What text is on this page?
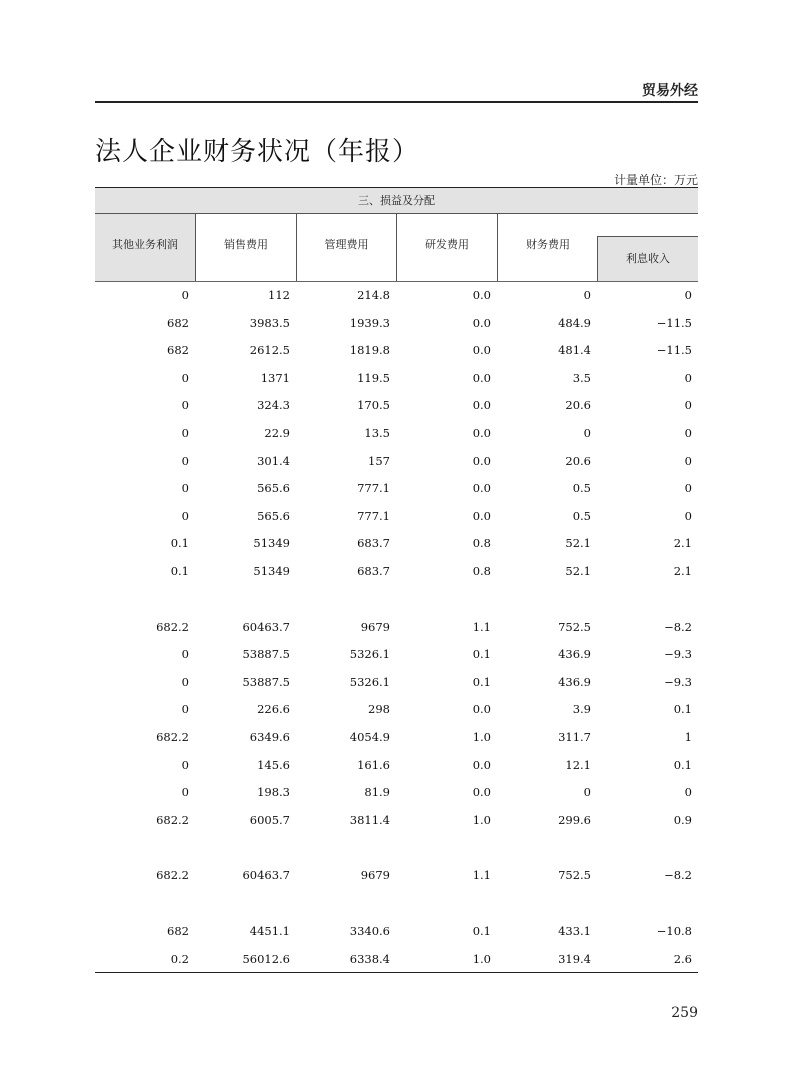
贸易外经
法人企业财务状况（年报）
计量单位：万元
三、损益及分配
其他业务利润	销售费用	管理费用	研发费用	财务费用
利息收入
0	112	214.8	0.0	0	0
682	3983.5	1939.3	0.0	484.9	−11.5
682	2612.5	1819.8	0.0	481.4	−11.5
0	1371	119.5	0.0	3.5	0
0	324.3	170.5	0.0	20.6	0
0	22.9	13.5	0.0	0	0
0	301.4	157	0.0	20.6	0
0	565.6	777.1	0.0	0.5	0
0	565.6	777.1	0.0	0.5	0
0.1	51349	683.7	0.8	52.1	2.1
0.1	51349	683.7	0.8	52.1	2.1
682.2	60463.7	9679	1.1	752.5	−8.2
0	53887.5	5326.1	0.1	436.9	−9.3
0	53887.5	5326.1	0.1	436.9	−9.3
0	226.6	298	0.0	3.9	0.1
682.2	6349.6	4054.9	1.0	311.7	1
0	145.6	161.6	0.0	12.1	0.1
0	198.3	81.9	0.0	0	0
682.2	6005.7	3811.4	1.0	299.6	0.9
682.2	60463.7	9679	1.1	752.5	−8.2
682	4451.1	3340.6	0.1	433.1	−10.8
0.2	56012.6	6338.4	1.0	319.4	2.6
259
